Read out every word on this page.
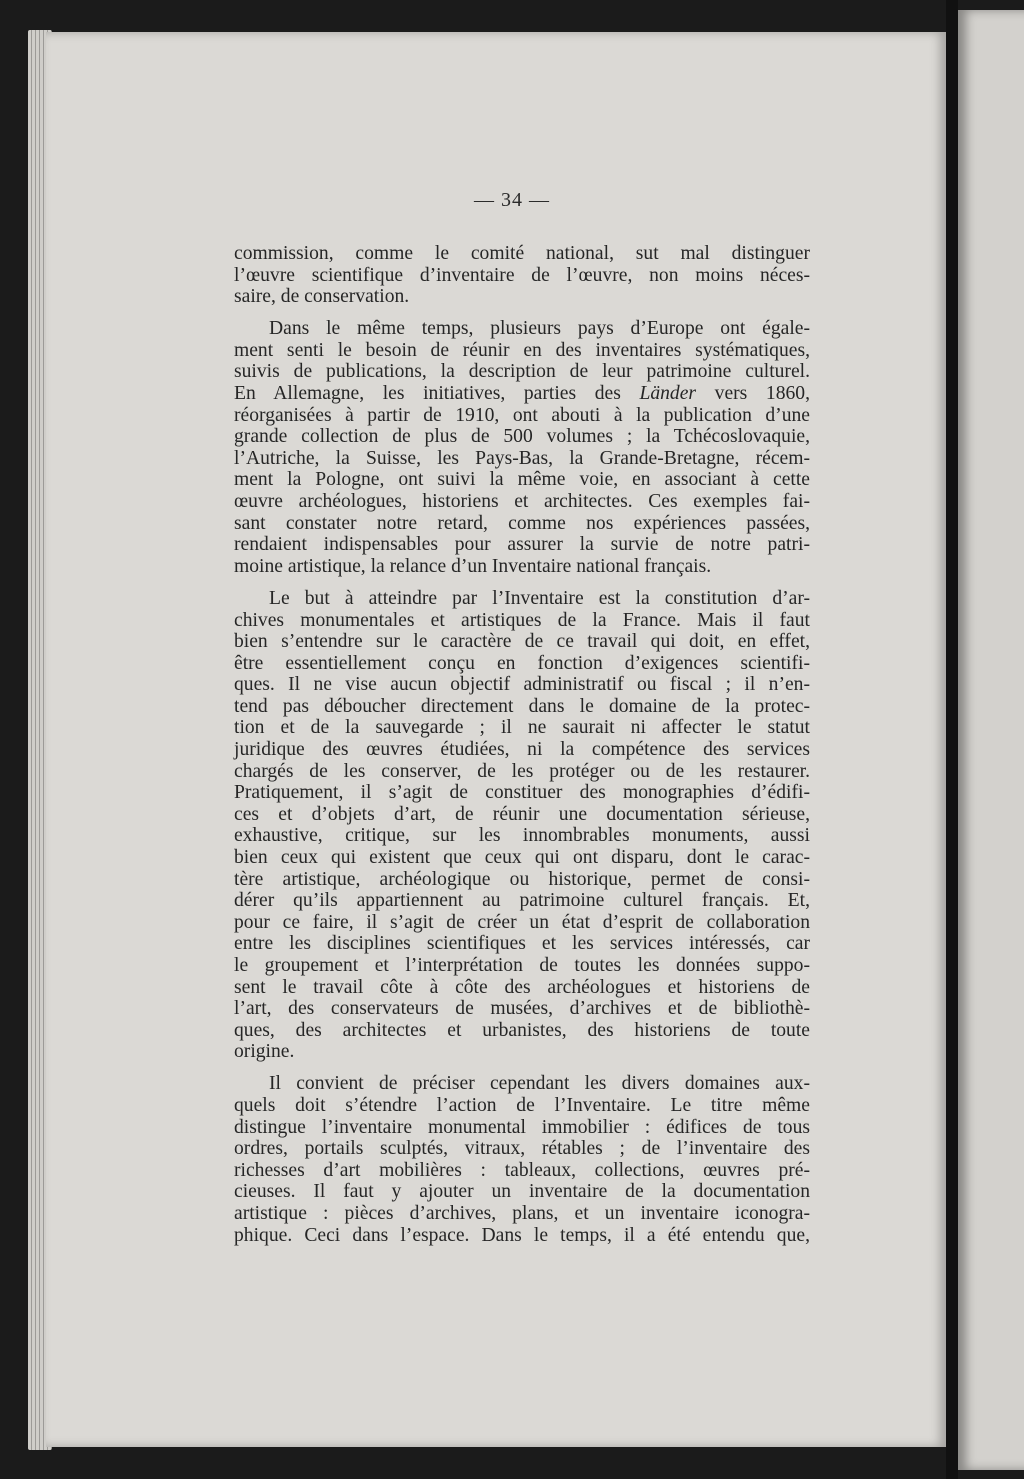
— 34 —
commission, comme le comité national, sut mal distinguer
l’œuvre scientifique d’inventaire de l’œuvre, non moins néces-
saire, de conservation.
Dans le même temps, plusieurs pays d’Europe ont égale-
ment senti le besoin de réunir en des inventaires systématiques,
suivis de publications, la description de leur patrimoine culturel.
En Allemagne, les initiatives, parties des Länder vers 1860,
réorganisées à partir de 1910, ont abouti à la publication d’une
grande collection de plus de 500 volumes ; la Tchécoslovaquie,
l’Autriche, la Suisse, les Pays-Bas, la Grande-Bretagne, récem-
ment la Pologne, ont suivi la même voie, en associant à cette
œuvre archéologues, historiens et architectes. Ces exemples fai-
sant constater notre retard, comme nos expériences passées,
rendaient indispensables pour assurer la survie de notre patri-
moine artistique, la relance d’un Inventaire national français.
Le but à atteindre par l’Inventaire est la constitution d’ar-
chives monumentales et artistiques de la France. Mais il faut
bien s’entendre sur le caractère de ce travail qui doit, en effet,
être essentiellement conçu en fonction d’exigences scientifi-
ques. Il ne vise aucun objectif administratif ou fiscal ; il n’en-
tend pas déboucher directement dans le domaine de la protec-
tion et de la sauvegarde ; il ne saurait ni affecter le statut
juridique des œuvres étudiées, ni la compétence des services
chargés de les conserver, de les protéger ou de les restaurer.
Pratiquement, il s’agit de constituer des monographies d’édifi-
ces et d’objets d’art, de réunir une documentation sérieuse,
exhaustive, critique, sur les innombrables monuments, aussi
bien ceux qui existent que ceux qui ont disparu, dont le carac-
tère artistique, archéologique ou historique, permet de consi-
dérer qu’ils appartiennent au patrimoine culturel français. Et,
pour ce faire, il s’agit de créer un état d’esprit de collaboration
entre les disciplines scientifiques et les services intéressés, car
le groupement et l’interprétation de toutes les données suppo-
sent le travail côte à côte des archéologues et historiens de
l’art, des conservateurs de musées, d’archives et de bibliothè-
ques, des architectes et urbanistes, des historiens de toute
origine.
Il convient de préciser cependant les divers domaines aux-
quels doit s’étendre l’action de l’Inventaire. Le titre même
distingue l’inventaire monumental immobilier : édifices de tous
ordres, portails sculptés, vitraux, rétables ; de l’inventaire des
richesses d’art mobilières : tableaux, collections, œuvres pré-
cieuses. Il faut y ajouter un inventaire de la documentation
artistique : pièces d’archives, plans, et un inventaire iconogra-
phique. Ceci dans l’espace. Dans le temps, il a été entendu que,
